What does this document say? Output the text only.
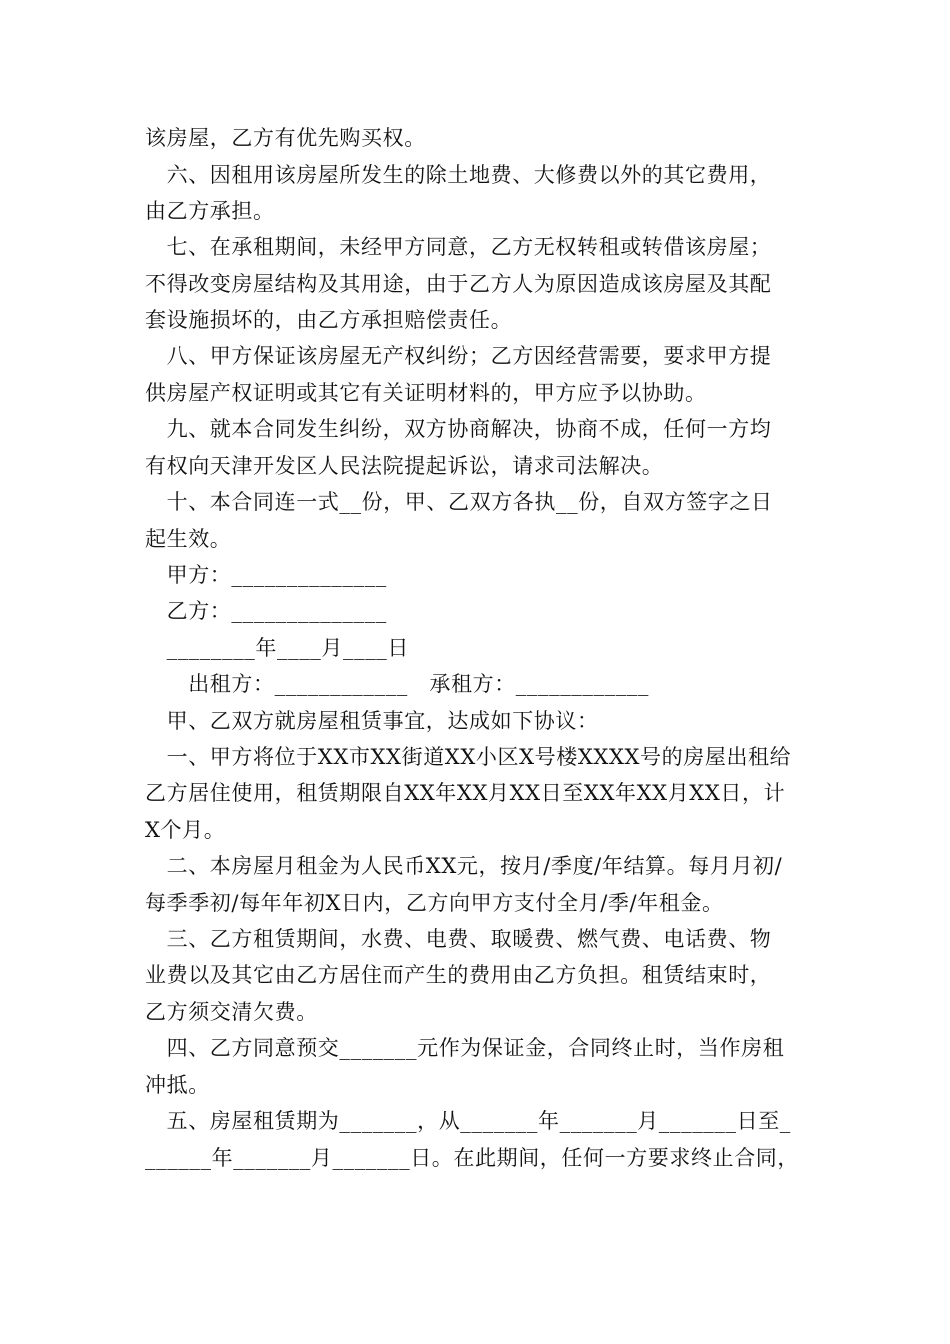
该房屋，乙方有优先购买权。
　六、因租用该房屋所发生的除土地费、大修费以外的其它费用，
由乙方承担。
　七、在承租期间，未经甲方同意，乙方无权转租或转借该房屋；
不得改变房屋结构及其用途，由于乙方人为原因造成该房屋及其配
套设施损坏的，由乙方承担赔偿责任。
　八、甲方保证该房屋无产权纠纷；乙方因经营需要，要求甲方提
供房屋产权证明或其它有关证明材料的，甲方应予以协助。
　九、就本合同发生纠纷，双方协商解决，协商不成，任何一方均
有权向天津开发区人民法院提起诉讼，请求司法解决。
　十、本合同连一式__份，甲、乙双方各执__份，自双方签字之日
起生效。
　甲方：______________
　乙方：______________
　________年____月____日
　　出租方：____________　承租方：____________
　甲、乙双方就房屋租赁事宜，达成如下协议：
　一、甲方将位于XX市XX街道XX小区X号楼XXXX号的房屋出租给
乙方居住使用，租赁期限自XX年XX月XX日至XX年XX月XX日，计
X个月。
　二、本房屋月租金为人民币XX元，按月/季度/年结算。每月月初/
每季季初/每年年初X日内，乙方向甲方支付全月/季/年租金。
　三、乙方租赁期间，水费、电费、取暖费、燃气费、电话费、物
业费以及其它由乙方居住而产生的费用由乙方负担。租赁结束时，
乙方须交清欠费。
　四、乙方同意预交_______元作为保证金，合同终止时，当作房租
冲抵。
　五、房屋租赁期为_______，从_______年_______月_______日至_
______年_______月_______日。在此期间，任何一方要求终止合同，
